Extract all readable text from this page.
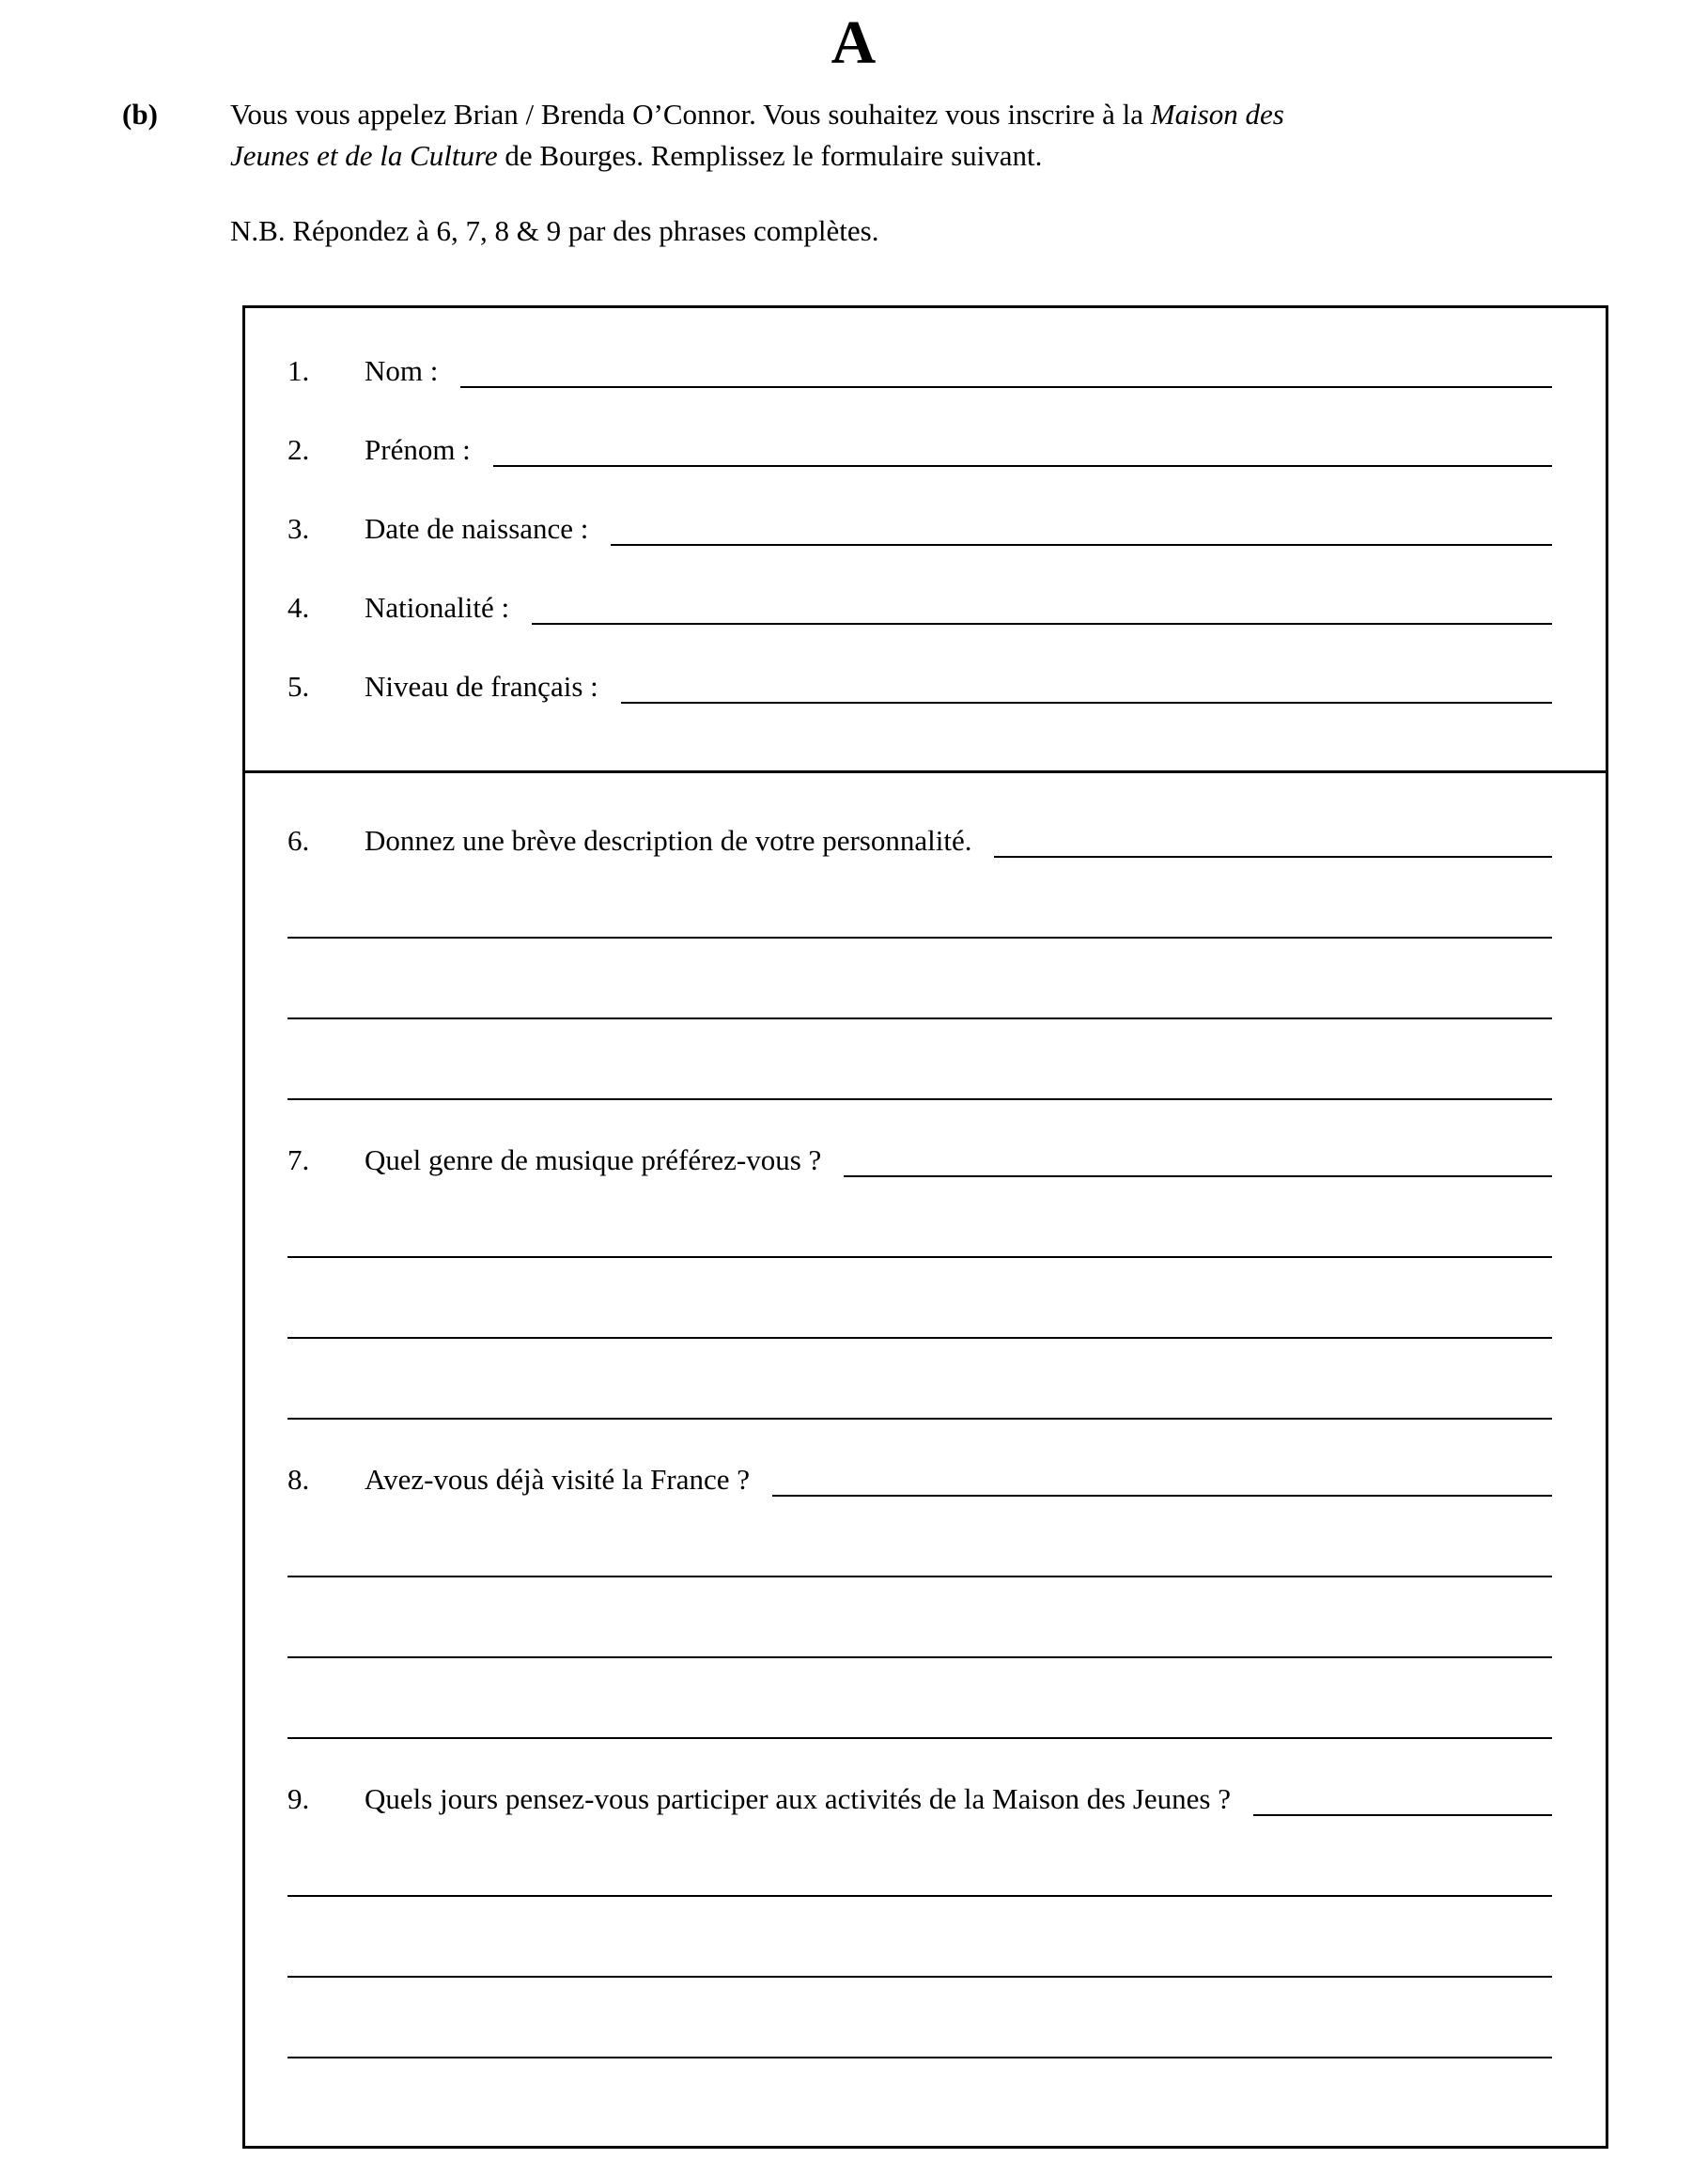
A
(b)	Vous vous appelez Brian / Brenda O’Connor. Vous souhaitez vous inscrire à la Maison des
Jeunes et de la Culture de Bourges. Remplissez le formulaire suivant.
N.B. Répondez à 6, 7, 8 & 9 par des phrases complètes.
1.	Nom :
2.	Prénom :
3.	Date de naissance :
4.	Nationalité :
5.	Niveau de français :
6.	Donnez une brève description de votre personnalité.
7.	Quel genre de musique préférez-vous ?
8.	Avez-vous déjà visité la France ?
9.	Quels jours pensez-vous participer aux activités de la Maison des Jeunes ?
